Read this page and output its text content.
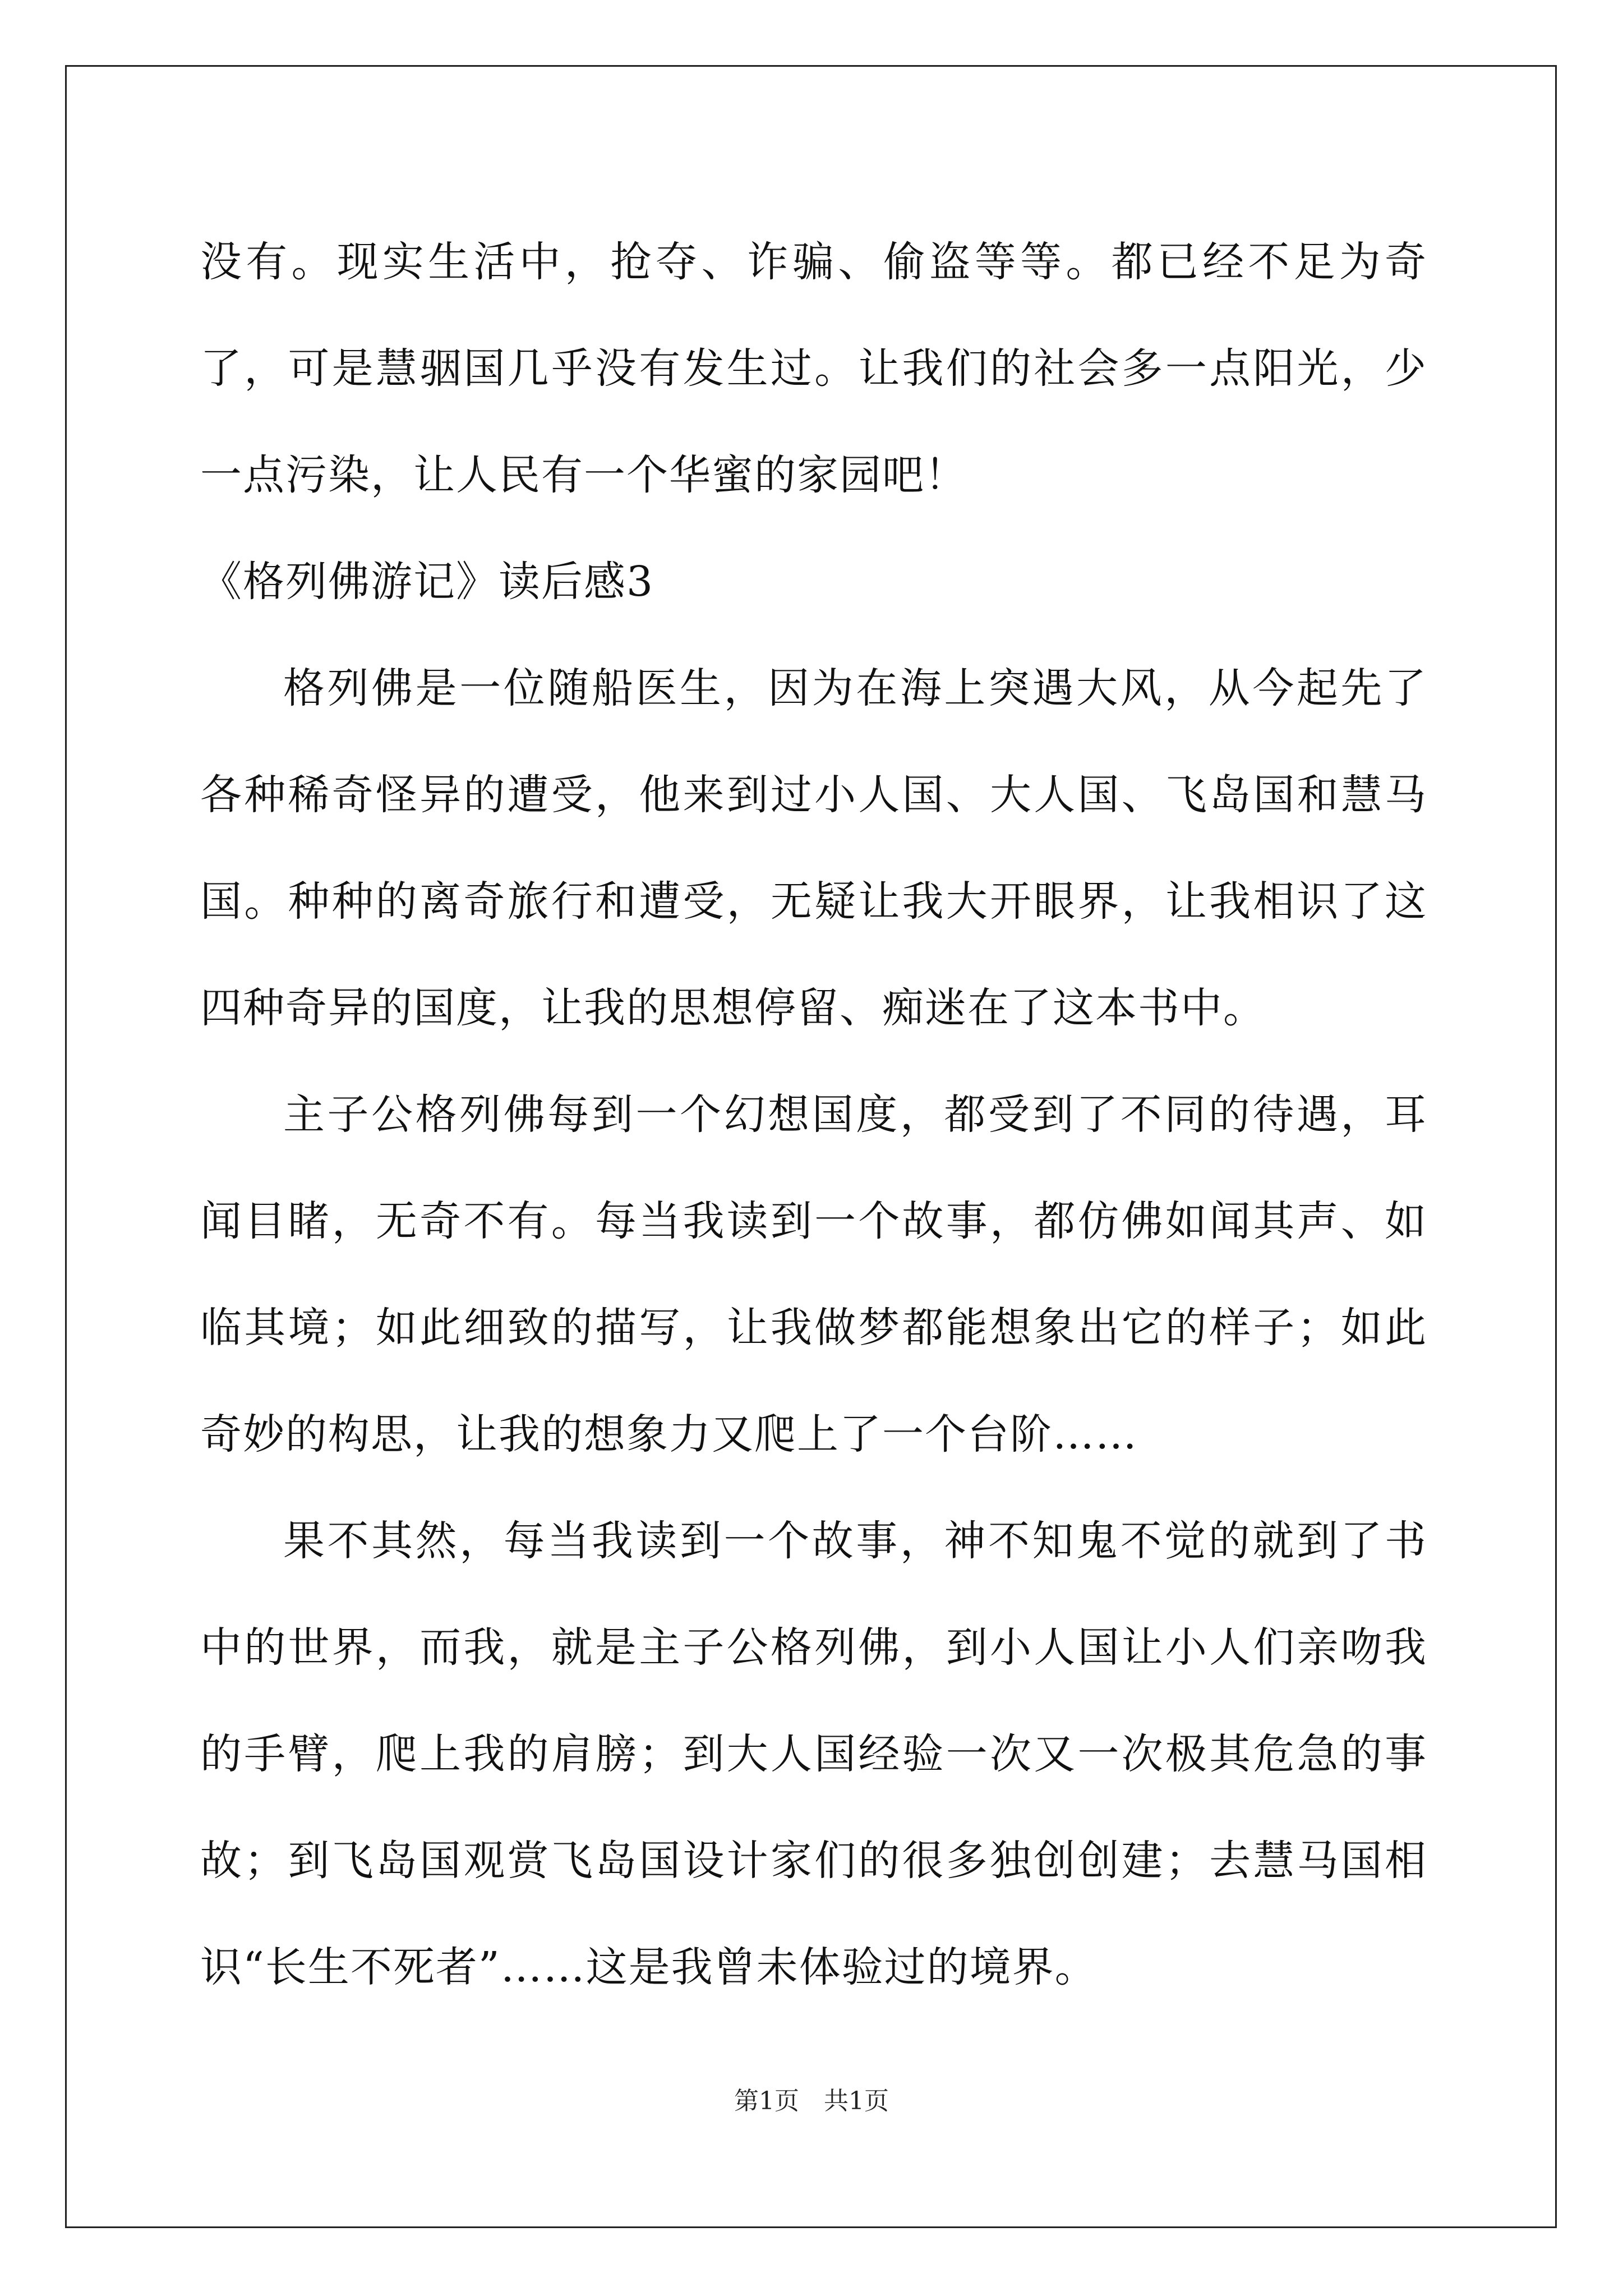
没有。现实生活中，抢夺、诈骗、偷盗等等。都已经不足为奇了，可是慧骃国几乎没有发生过。让我们的社会多一点阳光，少一点污染，让人民有一个华蜜的家园吧！

《格列佛游记》读后感3

格列佛是一位随船医生，因为在海上突遇大风，从今起先了各种稀奇怪异的遭受，他来到过小人国、大人国、飞岛国和慧马国。种种的离奇旅行和遭受，无疑让我大开眼界，让我相识了这四种奇异的国度，让我的思想停留、痴迷在了这本书中。

主子公格列佛每到一个幻想国度，都受到了不同的待遇，耳闻目睹，无奇不有。每当我读到一个故事，都仿佛如闻其声、如临其境；如此细致的描写，让我做梦都能想象出它的样子；如此奇妙的构思，让我的想象力又爬上了一个台阶……

果不其然，每当我读到一个故事，神不知鬼不觉的就到了书中的世界，而我，就是主子公格列佛，到小人国让小人们亲吻我的手臂，爬上我的肩膀；到大人国经验一次又一次极其危急的事故；到飞岛国观赏飞岛国设计家们的很多独创创建；去慧马国相识“长生不死者”……这是我曾未体验过的境界。

第1页　共1页
